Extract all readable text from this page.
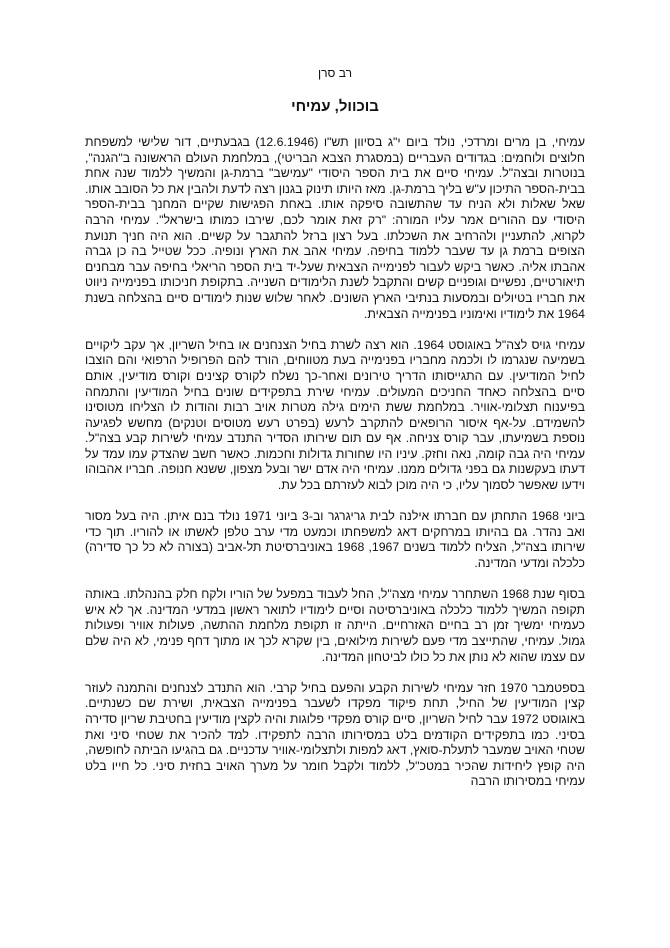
רב סרן
בוכוול, עמיחי

עמיחי, בן מרים ומרדכי, נולד ביום י"ג בסיוון תש"ו (12.6.1946) בגבעתיים, דור שלישי למשפחת חלוצים ולוחמים: בגדודים העבריים (במסגרת הצבא הבריטי), במלחמת העולם הראשונה ב"הגנה", בנוטרות ובצה"ל. עמיחי סיים את בית הספר היסודי "עמישב" ברמת-גן והמשיך ללמוד שנה אחת בבית-הספר התיכון ע"ש בליך ברמת-גן. מאז היותו תינוק בגנון רצה לדעת ולהבין את כל הסובב אותו. שאל שאלות ולא הניח עד שהתשובה סיפקה אותו. באחת הפגישות שקיים המחנך בבית-הספר היסודי עם ההורים אמר עליו המורה: "רק זאת אומר לכם, שירבו כמותו בישראל". עמיחי הרבה לקרוא, להתעניין ולהרחיב את השכלתו. בעל רצון ברזל להתגבר על קשיים. הוא היה חניך תנועת הצופים ברמת גן עד שעבר ללמוד בחיפה. עמיחי אהב את הארץ ונופיה. ככל שטייל בה כן גברה אהבתו אליה. כאשר ביקש לעבור לפנימייה הצבאית שעל-יד בית הספר הריאלי בחיפה עבר מבחנים תיאורטיים, נפשיים וגופניים קשים והתקבל לשנת הלימודים השנייה. בתקופת חניכותו בפנימייה ניווט את חבריו בטיולים ובמסעות בנתיבי הארץ השונים. לאחר שלוש שנות לימודים סיים בהצלחה בשנת 1964 את לימודיו ואימוניו בפנימייה הצבאית.

עמיחי גויס לצה"ל באוגוסט 1964. הוא רצה לשרת בחיל הצנחנים או בחיל השריון, אך עקב ליקויים בשמיעה שנגרמו לו ולכמה מחבריו בפנימייה בעת מטווחים, הורד להם הפרופיל הרפואי והם הוצבו לחיל המודיעין. עם התגייסותו הדריך טירונים ואחר-כך נשלח לקורס קצינים וקורס מודיעין, אותם סיים בהצלחה כאחד החניכים המעולים. עמיחי שירת בתפקידים שונים בחיל המודיעין והתמחה בפיענוח תצלומי-אוויר. במלחמת ששת הימים גילה מטרות אויב רבות והודות לו הצליחו מטוסינו להשמידם. על-אף איסור הרופאים להתקרב לרעש (בפרט רעש מטוסים וטנקים) מחשש לפגיעה נוספת בשמיעתו, עבר קורס צניחה. אף עם תום שירותו הסדיר התנדב עמיחי לשירות קבע בצה"ל. עמיחי היה גבה קומה, נאה וחזק. עיניו היו שחורות גדולות וחכמות. כאשר חשב שהצדק עמו עמד על דעתו בעקשנות גם בפני גדולים ממנו. עמיחי היה אדם ישר ובעל מצפון, ששנא חנופה. חבריו אהבוהו וידעו שאפשר לסמוך עליו, כי היה מוכן לבוא לעזרתם בכל עת.

ביוני 1968 התחתן עם חברתו אילנה לבית גריגרגר וב-3 ביוני 1971 נולד בנם איתן. היה בעל מסור ואב נהדר. גם בהיותו במרחקים דאג למשפחתו וכמעט מדי ערב טלפן לאשתו או להוריו. תוך כדי שירותו בצה"ל, הצליח ללמוד בשנים 1967, 1968 באוניברסיטת תל-אביב (בצורה לא כל כך סדירה) כלכלה ומדעי המדינה.

בסוף שנת 1968 השתחרר עמיחי מצה"ל, החל לעבוד במפעל של הוריו ולקח חלק בהנהלתו. באותה תקופה המשיך ללמוד כלכלה באוניברסיטה וסיים לימודיו לתואר ראשון במדעי המדינה. אך לא איש כעמיחי ימשיך זמן רב בחיים האזרחיים. הייתה זו תקופת מלחמת ההתשה, פעולות אוויר ופעולות גמול. עמיחי, שהתייצב מדי פעם לשירות מילואים, בין שקרא לכך או מתוך דחף פנימי, לא היה שלם עם עצמו שהוא לא נותן את כל כולו לביטחון המדינה.

בספטמבר 1970 חזר עמיחי לשירות הקבע והפעם בחיל קרבי. הוא התנדב לצנחנים והתמנה לעוזר קצין המודיעין של החיל, תחת פיקוד מפקדו לשעבר בפנימייה הצבאית, ושירת שם כשנתיים. באוגוסט 1972 עבר לחיל השריון, סיים קורס מפקדי פלוגות והיה לקצין מודיעין בחטיבת שריון סדירה בסיני. כמו בתפקידים הקודמים בלט במסירותו הרבה לתפקידו. למד להכיר את שטחי סיני ואת שטחי האויב שמעבר לתעלת-סואץ, דאג למפות ולתצלומי-אוויר עדכניים. גם בהגיעו הביתה לחופשה, היה קופץ ליחידות שהכיר במטכ"ל, ללמוד ולקבל חומר על מערך האויב בחזית סיני. כל חייו בלט עמיחי במסירותו הרבה
